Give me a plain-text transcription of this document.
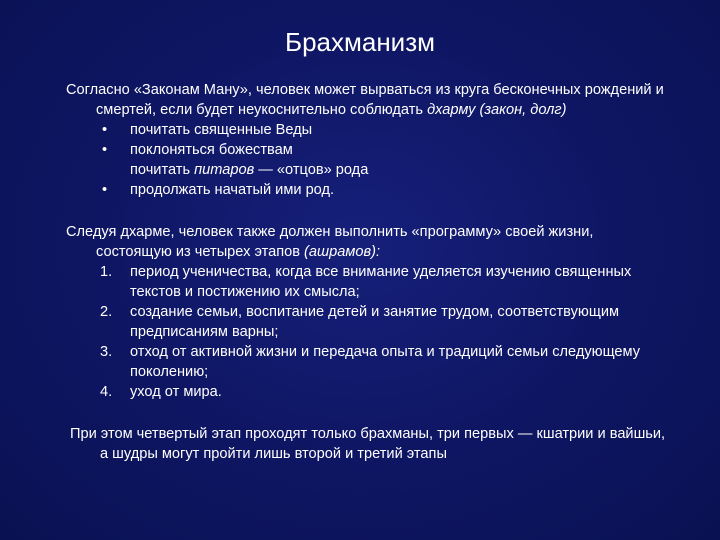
Брахманизм

Согласно «Законам Ману», человек может вырваться из круга бесконечных рождений и смертей, если будет неукоснительно соблюдать дхарму (закон, долг)

• почитать священные Веды

• поклоняться божествам

почитать питаров — «отцов» рода

• продолжать начатый ими род.

Следуя дхарме, человек также должен выполнить «программу» своей жизни, состоящую из четырех этапов (ашрамов):

1. период ученичества, когда все внимание уделяется изучению священных текстов и постижению их смысла;

2. создание семьи, воспитание детей и занятие трудом, соответствующим предписаниям варны;

3. отход от активной жизни и передача опыта и традиций семьи следующему поколению;

4. уход от мира.

При этом четвертый этап проходят только брахманы, три первых — кшатрии и вайшьи, а шудры могут пройти лишь второй и третий этапы
